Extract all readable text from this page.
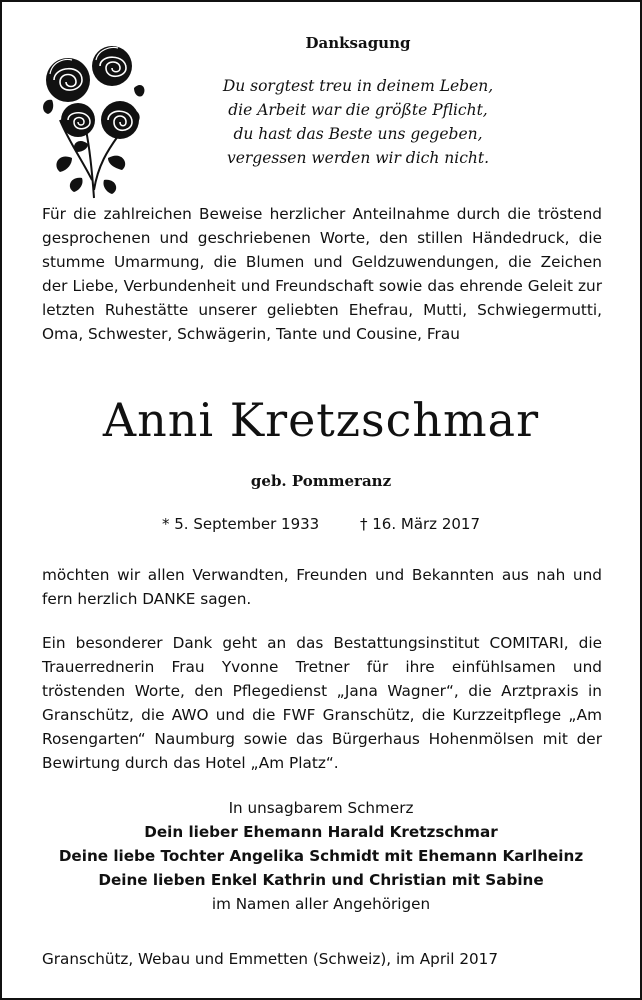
Danksagung
Du sorgtest treu in deinem Leben,
die Arbeit war die größte Pflicht,
du hast das Beste uns gegeben,
vergessen werden wir dich nicht.
Für die zahlreichen Beweise herzlicher Anteilnahme durch die tröstend gesprochenen und geschriebenen Worte, den stillen Händedruck, die stumme Umarmung, die Blumen und Geldzuwendungen, die Zeichen der Liebe, Verbundenheit und Freundschaft sowie das ehrende Geleit zur letzten Ruhestätte unserer geliebten Ehefrau, Mutti, Schwiegermutti, Oma, Schwester, Schwägerin, Tante und Cousine, Frau
Anni Kretzschmar
geb. Pommeranz
* 5. September 1933	† 16. März 2017
möchten wir allen Verwandten, Freunden und Bekannten aus nah und fern herzlich DANKE sagen.
Ein besonderer Dank geht an das Bestattungsinstitut COMITARI, die Trauerrednerin Frau Yvonne Tretner für ihre einfühlsamen und tröstenden Worte, den Pflegedienst „Jana Wagner“, die Arztpraxis in Granschütz, die AWO und die FWF Granschütz, die Kurzzeitpflege „Am Rosengarten“ Naumburg sowie das Bürgerhaus Hohenmölsen mit der Bewirtung durch das Hotel „Am Platz“.
In unsagbarem Schmerz
Dein lieber Ehemann Harald Kretzschmar
Deine liebe Tochter Angelika Schmidt mit Ehemann Karlheinz
Deine lieben Enkel Kathrin und Christian mit Sabine
im Namen aller Angehörigen
Granschütz, Webau und Emmetten (Schweiz), im April 2017
